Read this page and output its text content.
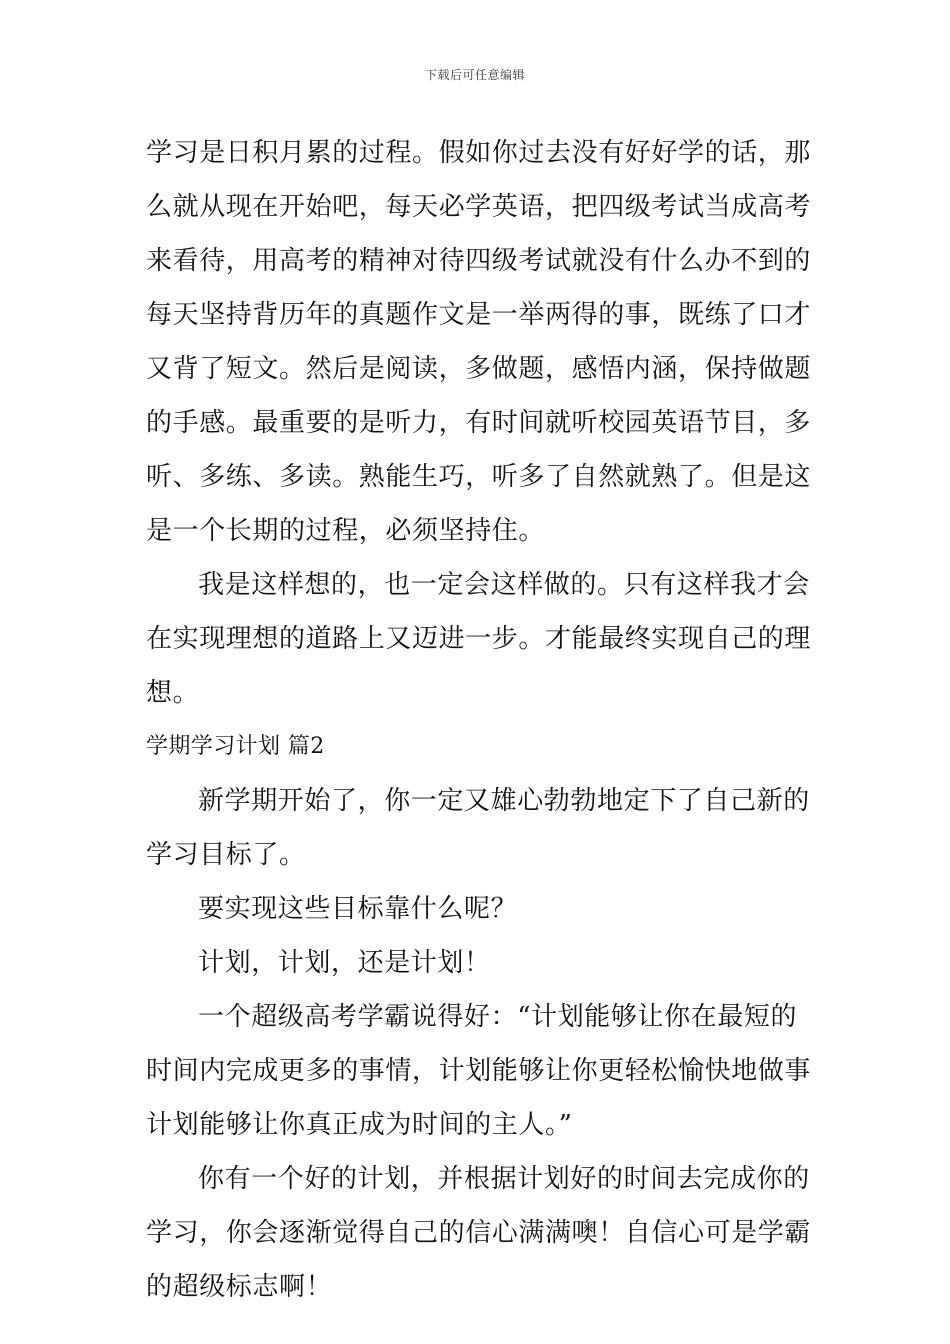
下载后可任意编辑
学习是日积月累的过程。假如你过去没有好好学的话，那
么就从现在开始吧，每天必学英语，把四级考试当成高考
来看待，用高考的精神对待四级考试就没有什么办不到的
每天坚持背历年的真题作文是一举两得的事，既练了口才
又背了短文。然后是阅读，多做题，感悟内涵，保持做题
的手感。最重要的是听力，有时间就听校园英语节目，多
听、多练、多读。熟能生巧，听多了自然就熟了。但是这
是一个长期的过程，必须坚持住。
我是这样想的，也一定会这样做的。只有这样我才会
在实现理想的道路上又迈进一步。才能最终实现自己的理
想。
学期学习计划 篇2
新学期开始了，你一定又雄心勃勃地定下了自己新的
学习目标了。
要实现这些目标靠什么呢？
计划，计划，还是计划！
一个超级高考学霸说得好：“计划能够让你在最短的
时间内完成更多的事情，计划能够让你更轻松愉快地做事
计划能够让你真正成为时间的主人。”
你有一个好的计划，并根据计划好的时间去完成你的
学习，你会逐渐觉得自己的信心满满噢！自信心可是学霸
的超级标志啊！
